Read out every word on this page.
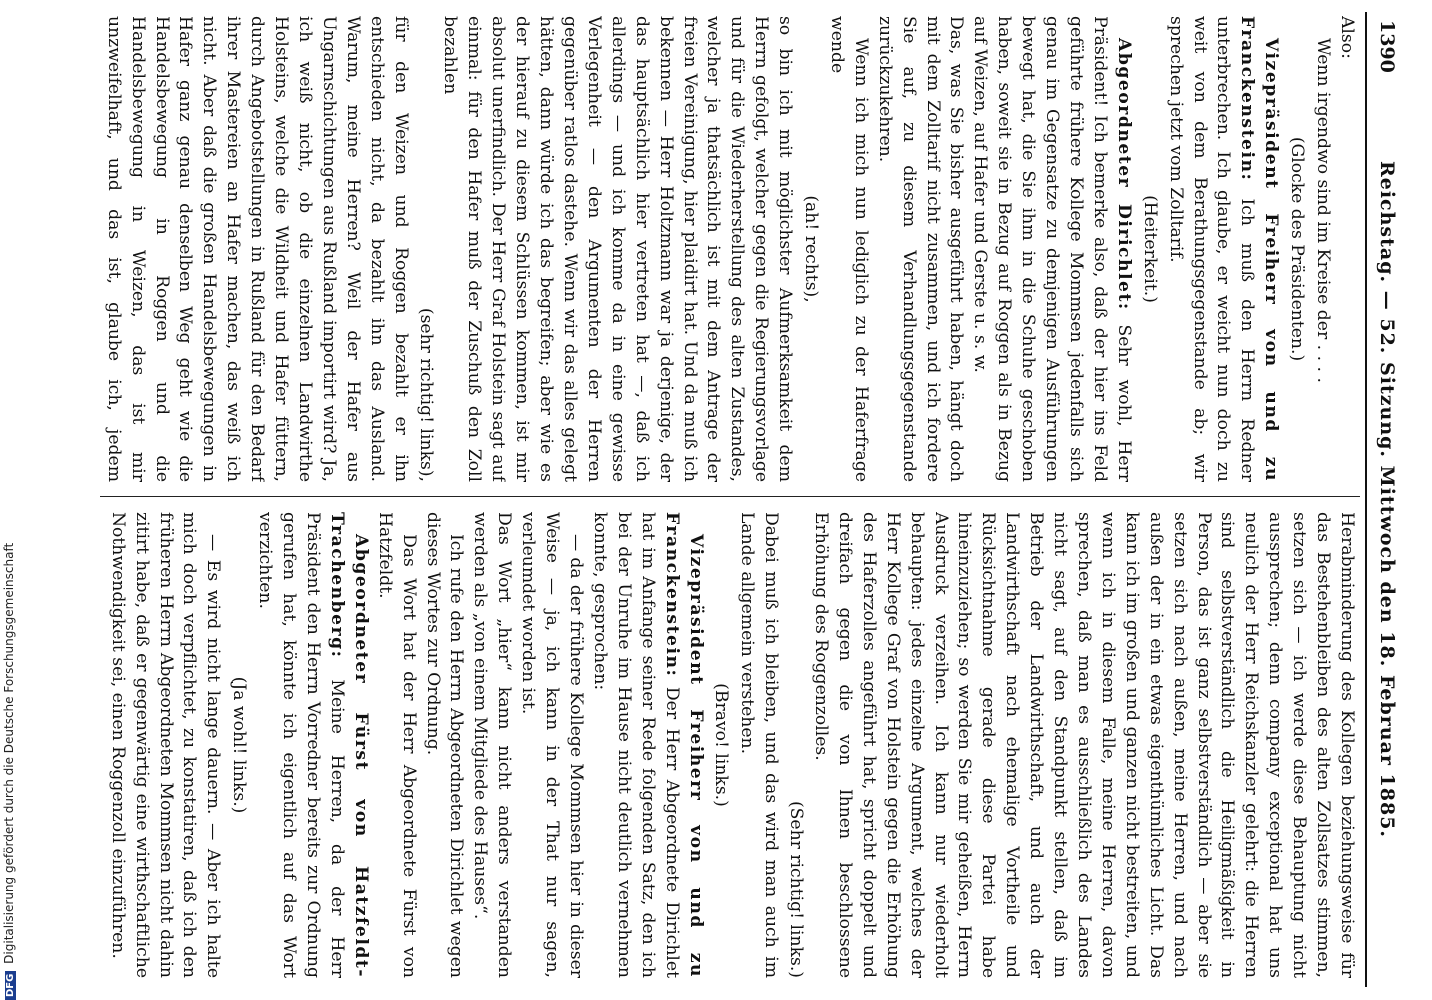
1390
Reichstag. — 52. Sitzung. Mittwoch den 18. Februar 1885.

Also:

Wenn irgendwo sind im Kreise der . . . .

(Glocke des Präsidenten.)

Vizepräsident Freiherr von und zu Franckenstein: Ich muß den Herrn Redner unterbrechen. Ich glaube, er weicht nun doch zu weit von dem Berathungsgegenstande ab; wir sprechen jetzt vom Zolltarif.

(Heiterkeit.)

Abgeordneter Dirichlet: Sehr wohl, Herr Präsident! Ich bemerke also, daß der hier ins Feld geführte frühere Kollege Mommsen jedenfalls sich genau im Gegensatze zu demjenigen Ausführungen bewegt hat, die Sie ihm in die Schuhe geschoben haben, soweit sie in Bezug auf Roggen als in Bezug auf Weizen, auf Hafer und Gerste u. s. w.

Das, was Sie bisher ausgeführt haben, hängt doch mit dem Zolltarif nicht zusammen, und ich fordere Sie auf, zu diesem Verhandlungsgegenstande zurückzukehren.

Wenn ich mich nun lediglich zu der Haferfrage wende

(ah! rechts),

so bin ich mit möglichster Aufmerksamkeit dem Herrn gefolgt, welcher gegen die Regierungsvorlage und für die Wiederherstellung des alten Zustandes, welcher ja thatsächlich ist mit dem Antrage der freien Vereinigung, hier plaidirt hat. Und da muß ich bekennen — Herr Holtzmann war ja derjenige, der das hauptsächlich hier vertreten hat —, daß ich allerdings — und ich komme da in eine gewisse Verlegenheit — den Argumenten der Herren gegenüber ratlos dastehe. Wenn wir das alles gelegt hätten, dann würde ich das begreifen; aber wie es der hierauf zu diesem Schlüssen kommen, ist mir absolut unerfindlich. Der Herr Graf Holstein sagt auf einmal: für den Hafer muß der Zuschuß den Zoll bezahlen

(sehr richtig! links),

für den Weizen und Roggen bezahlt er ihn entschieden nicht, da bezahlt ihn das Ausland. Warum, meine Herren? Weil der Hafer aus Ungarnschichtungen aus Rußland importirt wird? Ja, ich weiß nicht, ob die einzelnen Landwirthe Holsteins, welche die Wildheit und Hafer füttern, durch Angebotstellungen in Rußland für den Bedarf ihrer Mastereien an Hafer machen, das weiß ich nicht. Aber daß die großen Handelsbewegungen in Hafer ganz genau denselben Weg geht wie die Handelsbewegung in Roggen und die Handelsbewegung in Weizen, das ist mir unzweifelhaft, und das ist, glaube ich, jedem

Herabminderung des Kollegen beziehungsweise für das Bestehenbleiben des alten Zollsatzes stimmen, setzen sich — ich werde diese Behauptung nicht aussprechen; denn company exceptional hat uns neulich der Herr Reichskanzler gelehrt: die Herren sind selbstverständlich die Heiligmäßigkeit in Person, das ist ganz selbstverständlich — aber sie setzen sich nach außen, meine Herren, und nach außen der in ein etwas eigenthümliches Licht. Das kann ich im großen und ganzen nicht bestreiten, und wenn ich in diesem Falle, meine Herren, davon sprechen, daß man es ausschließlich des Landes nicht sagt, auf den Standpunkt stellen, daß im Betrieb der Landwirthschaft, und auch der Landwirthschaft nach ehemalige Vortheile und Rücksichtnahme gerade diese Partei habe hineinzuziehen; so werden Sie mir geheißen, Herrn Ausdruck verzeihen. Ich kann nur wiederholt behaupten: jedes einzelne Argument, welches der Herr Kollege Graf von Holstein gegen die Erhöhung des Haferzolles angeführt hat, spricht doppelt und dreifach gegen die von Ihnen beschlossene Erhöhung des Roggenzolles.

(Sehr richtig! links.)

Dabei muß ich bleiben, und das wird man auch im Lande allgemein verstehen.

(Bravo! links.)

Vizepräsident Freiherr von und zu Franckenstein: Der Herr Abgeordnete Dirichlet hat im Anfange seiner Rede folgenden Satz, den ich bei der Unruhe im Hause nicht deutlich vernehmen konnte, gesprochen:

— da der frühere Kollege Mommsen hier in dieser Weise — ja, ich kann in der That nur sagen, verleumdet worden ist.

Das Wort „hier“ kann nicht anders verstanden werden als „von einem Mitgliede des Hauses“.

Ich rufe den Herrn Abgeordneten Dirichlet wegen dieses Wortes zur Ordnung.

Das Wort hat der Herr Abgeordnete Fürst von Hatzfeldt.

Abgeordneter Fürst von Hatzfeldt-Trachenberg: Meine Herren, da der Herr Präsident den Herrn Vorredner bereits zur Ordnung gerufen hat, könnte ich eigentlich auf das Wort verzichten.

(Ja wohl! links.)

— Es wird nicht lange dauern. — Aber ich halte mich doch verpflichtet, zu konstatiren, daß ich den früheren Herrn Abgeordneten Mommsen nicht dahin zitirt habe, daß er gegenwärtig eine wirthschaftliche Nothwendigkeit sei, einen Roggenzoll einzuführen.

DFG Digitalisierung gefördert durch die Deutsche Forschungsgemeinschaft
